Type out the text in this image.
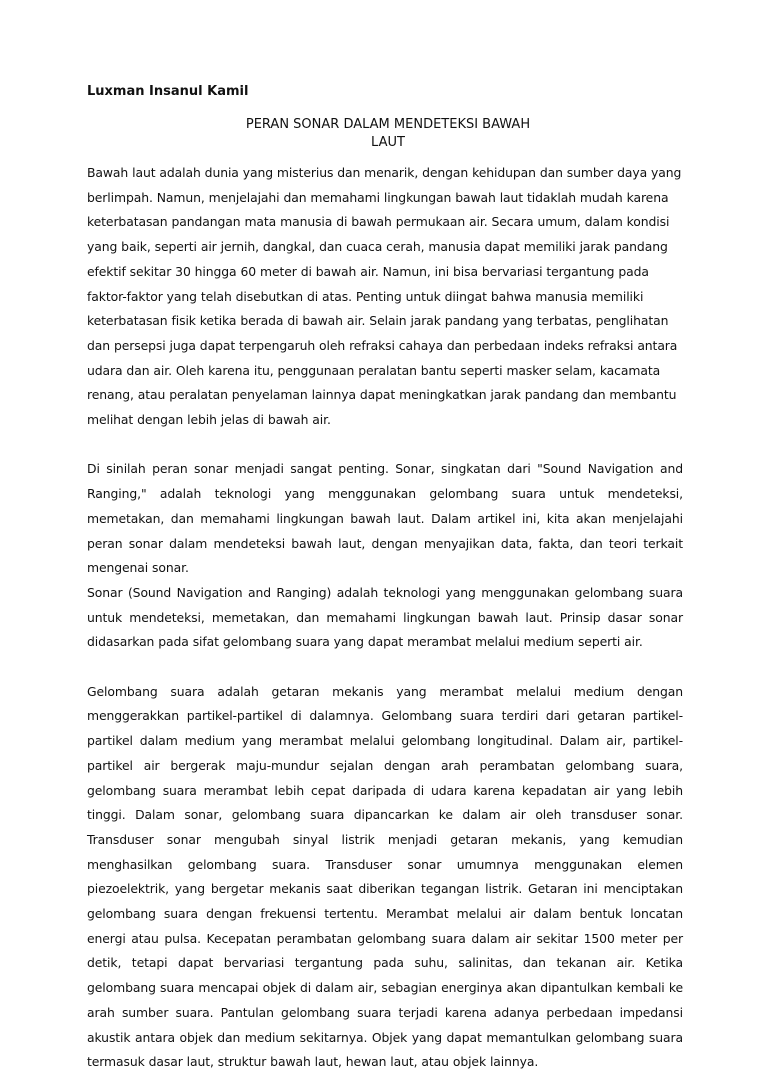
Luxman Insanul Kamil
PERAN SONAR DALAM MENDETEKSI BAWAH
LAUT

Bawah laut adalah dunia yang misterius dan menarik, dengan kehidupan dan sumber daya yang berlimpah. Namun, menjelajahi dan memahami lingkungan bawah laut tidaklah mudah karena keterbatasan pandangan mata manusia di bawah permukaan air. Secara umum, dalam kondisi yang baik, seperti air jernih, dangkal, dan cuaca cerah, manusia dapat memiliki jarak pandang efektif sekitar 30 hingga 60 meter di bawah air. Namun, ini bisa bervariasi tergantung pada faktor-faktor yang telah disebutkan di atas. Penting untuk diingat bahwa manusia memiliki keterbatasan fisik ketika berada di bawah air. Selain jarak pandang yang terbatas, penglihatan dan persepsi juga dapat terpengaruh oleh refraksi cahaya dan perbedaan indeks refraksi antara udara dan air. Oleh karena itu, penggunaan peralatan bantu seperti masker selam, kacamata renang, atau peralatan penyelaman lainnya dapat meningkatkan jarak pandang dan membantu melihat dengan lebih jelas di bawah air.

Di sinilah peran sonar menjadi sangat penting. Sonar, singkatan dari "Sound Navigation and Ranging," adalah teknologi yang menggunakan gelombang suara untuk mendeteksi, memetakan, dan memahami lingkungan bawah laut. Dalam artikel ini, kita akan menjelajahi peran sonar dalam mendeteksi bawah laut, dengan menyajikan data, fakta, dan teori terkait mengenai sonar.

Sonar (Sound Navigation and Ranging) adalah teknologi yang menggunakan gelombang suara untuk mendeteksi, memetakan, dan memahami lingkungan bawah laut. Prinsip dasar sonar didasarkan pada sifat gelombang suara yang dapat merambat melalui medium seperti air.

Gelombang suara adalah getaran mekanis yang merambat melalui medium dengan menggerakkan partikel-partikel di dalamnya. Gelombang suara terdiri dari getaran partikel-partikel dalam medium yang merambat melalui gelombang longitudinal. Dalam air, partikel-partikel air bergerak maju-mundur sejalan dengan arah perambatan gelombang suara, gelombang suara merambat lebih cepat daripada di udara karena kepadatan air yang lebih tinggi. Dalam sonar, gelombang suara dipancarkan ke dalam air oleh transduser sonar. Transduser sonar mengubah sinyal listrik menjadi getaran mekanis, yang kemudian menghasilkan gelombang suara. Transduser sonar umumnya menggunakan elemen piezoelektrik, yang bergetar mekanis saat diberikan tegangan listrik. Getaran ini menciptakan gelombang suara dengan frekuensi tertentu. Merambat melalui air dalam bentuk loncatan energi atau pulsa. Kecepatan perambatan gelombang suara dalam air sekitar 1500 meter per detik, tetapi dapat bervariasi tergantung pada suhu, salinitas, dan tekanan air. Ketika gelombang suara mencapai objek di dalam air, sebagian energinya akan dipantulkan kembali ke arah sumber suara. Pantulan gelombang suara terjadi karena adanya perbedaan impedansi akustik antara objek dan medium sekitarnya. Objek yang dapat memantulkan gelombang suara termasuk dasar laut, struktur bawah laut, hewan laut, atau objek lainnya.
